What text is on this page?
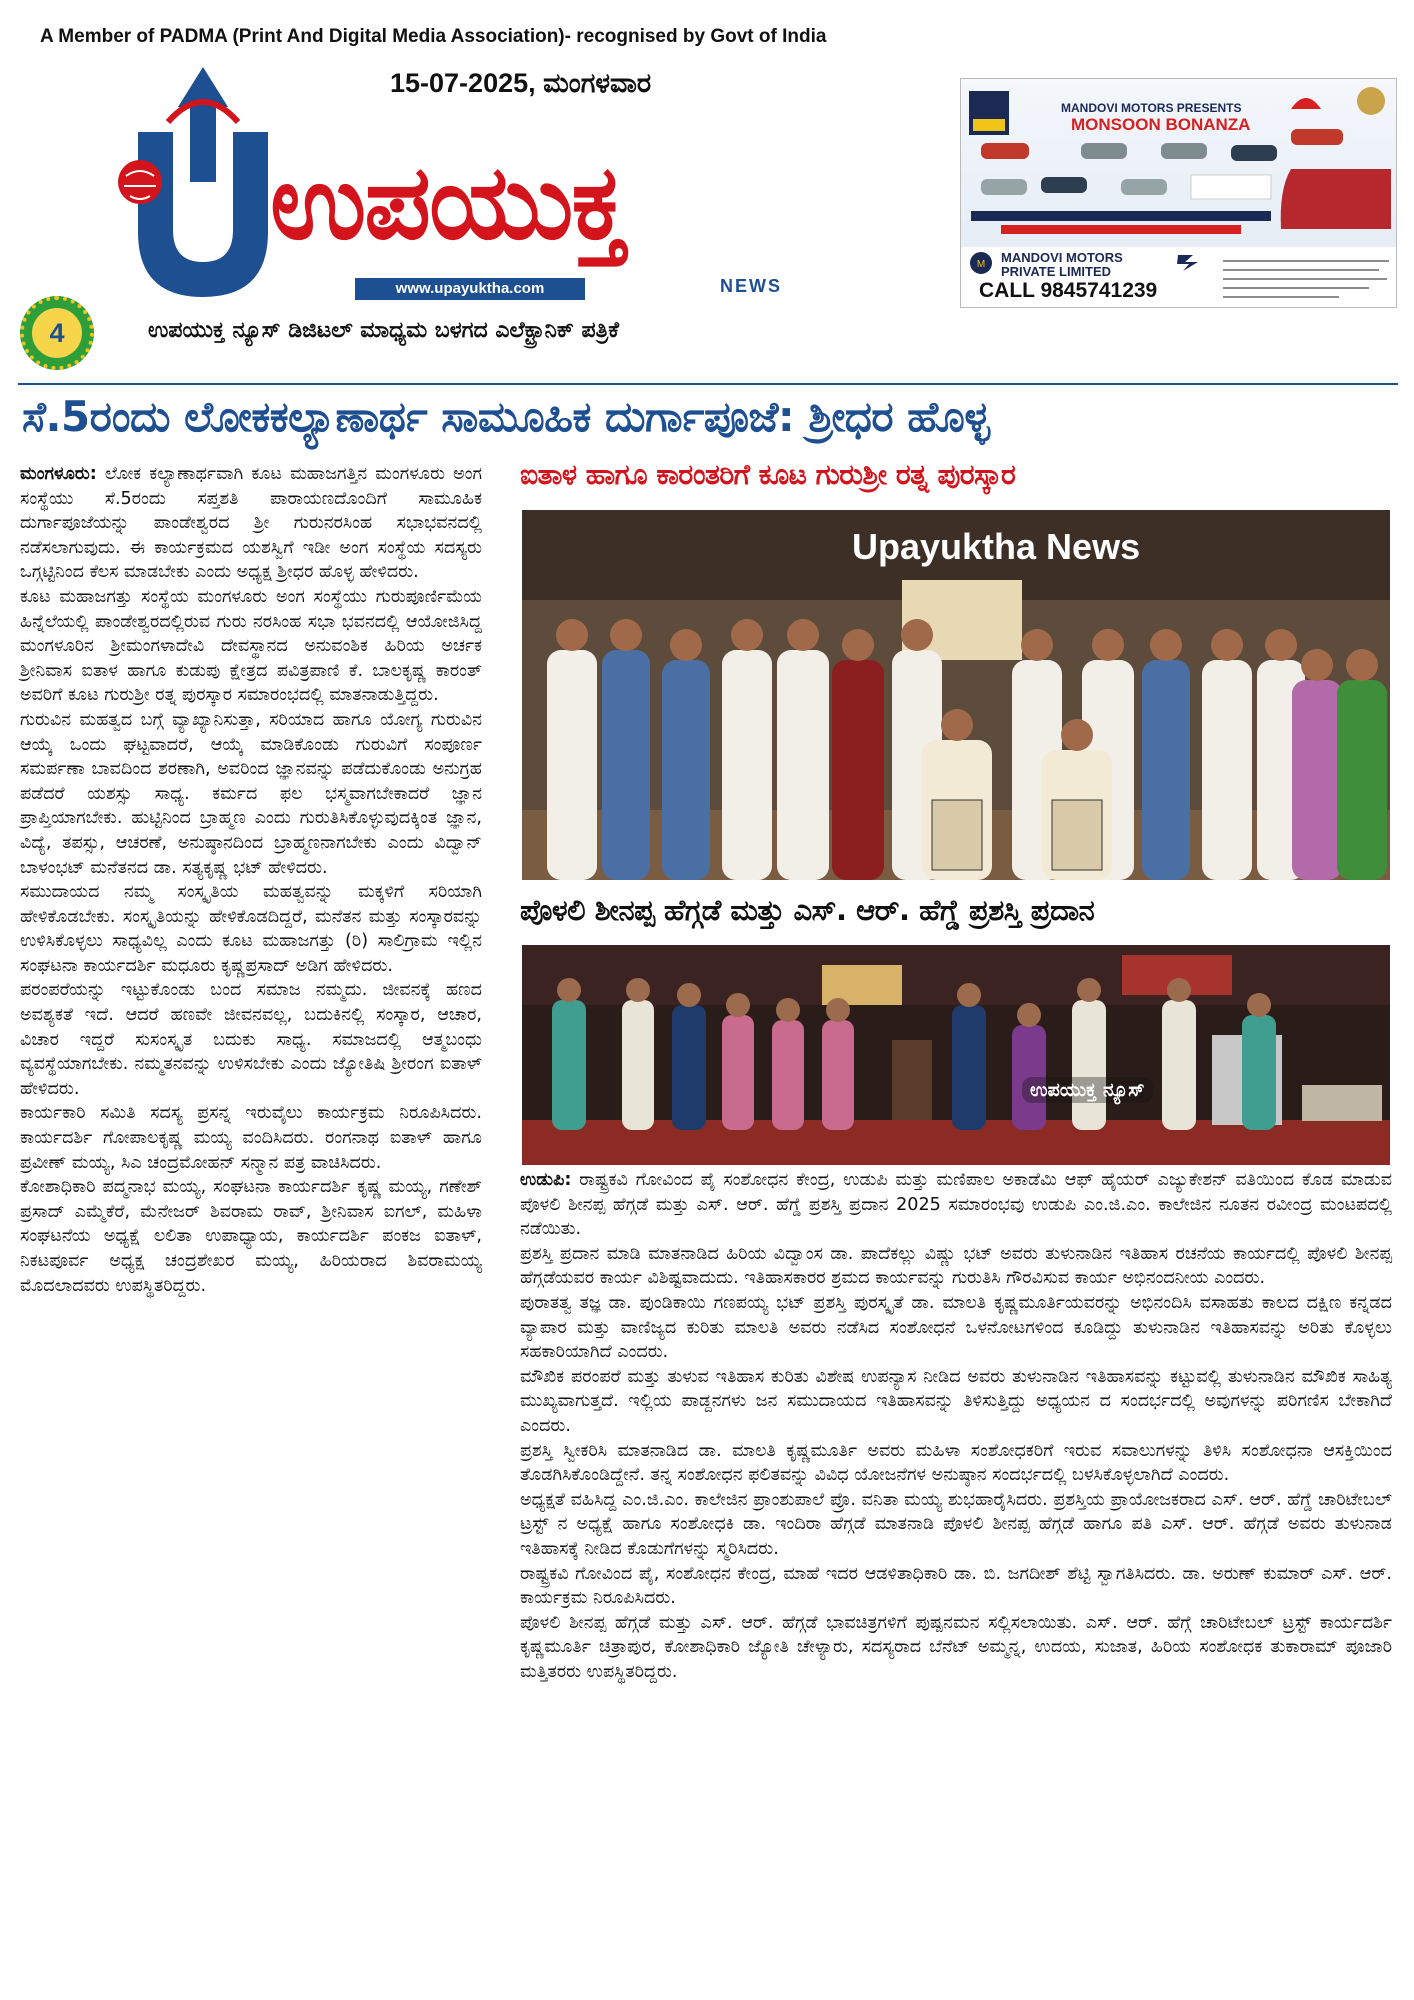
A Member of PADMA (Print And Digital Media Association)- recognised by Govt of India
15-07-2025, ಮಂಗಳವಾರ
ಉಪಯುಕ್ತ
www.upayuktha.com	NEWS
4	ಉಪಯುಕ್ತ ನ್ಯೂಸ್ ಡಿಜಿಟಲ್ ಮಾಧ್ಯಮ ಬಳಗದ ಎಲೆಕ್ಟ್ರಾನಿಕ್ ಪತ್ರಿಕೆ
MANDOVI MOTORS PRESENTS
MONSOON BONANZA
M MANDOVI MOTORS PRIVATE LIMITED
CALL 9845741239
ಸೆ.5ರಂದು ಲೋಕಕಲ್ಯಾಣಾರ್ಥ ಸಾಮೂಹಿಕ ದುರ್ಗಾಪೂಜೆ: ಶ್ರೀಧರ ಹೊಳ್ಳ
ಐತಾಳ ಹಾಗೂ ಕಾರಂತರಿಗೆ ಕೂಟ ಗುರುಶ್ರೀ ರತ್ನ ಪುರಸ್ಕಾರ
Upayuktha News
ಪೊಳಲಿ ಶೀನಪ್ಪ ಹೆಗ್ಗಡೆ ಮತ್ತು ಎಸ್. ಆರ್. ಹೆಗ್ಡೆ ಪ್ರಶಸ್ತಿ ಪ್ರದಾನ
ಉಪಯುಕ್ತ ನ್ಯೂಸ್

ಮಂಗಳೂರು: ಲೋಕ ಕಲ್ಯಾಣಾರ್ಥವಾಗಿ ಕೂಟ ಮಹಾಜಗತ್ತಿನ ಮಂಗಳೂರು ಅಂಗ ಸಂಸ್ಥೆಯು ಸೆ.5ರಂದು ಸಪ್ತಶತಿ ಪಾರಾಯಣದೊಂದಿಗೆ ಸಾಮೂಹಿಕ ದುರ್ಗಾಪೂಜೆಯನ್ನು ಪಾಂಡೇಶ್ವರದ ಶ್ರೀ ಗುರುನರಸಿಂಹ ಸಭಾಭವನದಲ್ಲಿ ನಡೆಸಲಾಗುವುದು. ಈ ಕಾರ್ಯಕ್ರಮದ ಯಶಸ್ವಿಗೆ ಇಡೀ ಅಂಗ ಸಂಸ್ಥೆಯ ಸದಸ್ಯರು ಒಗ್ಗಟ್ಟಿನಿಂದ ಕೆಲಸ ಮಾಡಬೇಕು ಎಂದು ಅಧ್ಯಕ್ಷ ಶ್ರೀಧರ ಹೊಳ್ಳ ಹೇಳಿದರು.

ಕೂಟ ಮಹಾಜಗತ್ತು ಸಂಸ್ಥೆಯ ಮಂಗಳೂರು ಅಂಗ ಸಂಸ್ಥೆಯು ಗುರುಪೂರ್ಣಿಮೆಯ ಹಿನ್ನೆಲೆಯಲ್ಲಿ ಪಾಂಡೇಶ್ವರದಲ್ಲಿರುವ ಗುರು ನರಸಿಂಹ ಸಭಾ ಭವನದಲ್ಲಿ ಆಯೋಜಿಸಿದ್ದ ಮಂಗಳೂರಿನ ಶ್ರೀಮಂಗಳಾದೇವಿ ದೇವಸ್ಥಾನದ ಅನುವಂಶಿಕ ಹಿರಿಯ ಅರ್ಚಕ ಶ್ರೀನಿವಾಸ ಐತಾಳ ಹಾಗೂ ಕುಡುಪು ಕ್ಷೇತ್ರದ ಪವಿತ್ರಪಾಣಿ ಕೆ. ಬಾಲಕೃಷ್ಣ ಕಾರಂತ್ ಅವರಿಗೆ ಕೂಟ ಗುರುಶ್ರೀ ರತ್ನ ಪುರಸ್ಕಾರ ಸಮಾರಂಭದಲ್ಲಿ ಮಾತನಾಡುತ್ತಿದ್ದರು.

ಗುರುವಿನ ಮಹತ್ವದ ಬಗ್ಗೆ ವ್ಯಾಖ್ಯಾನಿಸುತ್ತಾ, ಸರಿಯಾದ ಹಾಗೂ ಯೋಗ್ಯ ಗುರುವಿನ ಆಯ್ಕೆ ಒಂದು ಘಟ್ಟವಾದರೆ, ಆಯ್ಕೆ ಮಾಡಿಕೊಂಡು ಗುರುವಿಗೆ ಸಂಪೂರ್ಣ ಸಮರ್ಪಣಾ ಬಾವದಿಂದ ಶರಣಾಗಿ, ಅವರಿಂದ ಜ್ಞಾನವನ್ನು ಪಡೆದುಕೊಂಡು ಅನುಗ್ರಹ ಪಡೆದರೆ ಯಶಸ್ಸು ಸಾಧ್ಯ. ಕರ್ಮದ ಫಲ ಭಸ್ಮವಾಗಬೇಕಾದರೆ ಜ್ಞಾನ ಪ್ರಾಪ್ತಿಯಾಗಬೇಕು. ಹುಟ್ಟಿನಿಂದ ಬ್ರಾಹ್ಮಣ ಎಂದು ಗುರುತಿಸಿಕೊಳ್ಳುವುದಕ್ಕಿಂತ ಜ್ಞಾನ, ವಿದ್ಯೆ, ತಪಸ್ಸು, ಆಚರಣೆ, ಅನುಷ್ಠಾನದಿಂದ ಬ್ರಾಹ್ಮಣನಾಗಬೇಕು ಎಂದು ವಿದ್ವಾನ್ ಬಾಳಂಭಟ್ ಮನೆತನದ ಡಾ. ಸತ್ಯಕೃಷ್ಣ ಭಟ್ ಹೇಳಿದರು.

ಸಮುದಾಯದ ನಮ್ಮ ಸಂಸ್ಕೃತಿಯ ಮಹತ್ವವನ್ನು ಮಕ್ಕಳಿಗೆ ಸರಿಯಾಗಿ ಹೇಳಿಕೊಡಬೇಕು. ಸಂಸ್ಕೃತಿಯನ್ನು ಹೇಳಿಕೊಡದಿದ್ದರೆ, ಮನೆತನ ಮತ್ತು ಸಂಸ್ಕಾರವನ್ನು ಉಳಿಸಿಕೊಳ್ಳಲು ಸಾಧ್ಯವಿಲ್ಲ ಎಂದು ಕೂಟ ಮಹಾಜಗತ್ತು (ರಿ) ಸಾಲಿಗ್ರಾಮ ಇಲ್ಲಿನ ಸಂಘಟನಾ ಕಾರ್ಯದರ್ಶಿ ಮಧೂರು ಕೃಷ್ಣಪ್ರಸಾದ್ ಅಡಿಗ ಹೇಳಿದರು.

ಪರಂಪರೆಯನ್ನು ಇಟ್ಟುಕೊಂಡು ಬಂದ ಸಮಾಜ ನಮ್ಮದು. ಜೀವನಕ್ಕೆ ಹಣದ ಅವಶ್ಯಕತೆ ಇದೆ. ಆದರೆ ಹಣವೇ ಜೀವನವಲ್ಲ, ಬದುಕಿನಲ್ಲಿ ಸಂಸ್ಕಾರ, ಆಚಾರ, ವಿಚಾರ ಇದ್ದರೆ ಸುಸಂಸ್ಕೃತ ಬದುಕು ಸಾಧ್ಯ. ಸಮಾಜದಲ್ಲಿ ಆತ್ಮಬಂಧು ವ್ಯವಸ್ಥೆಯಾಗಬೇಕು. ನಮ್ಮತನವನ್ನು ಉಳಿಸಬೇಕು ಎಂದು ಜ್ಯೋತಿಷಿ ಶ್ರೀರಂಗ ಐತಾಳ್ ಹೇಳಿದರು.

ಕಾರ್ಯಕಾರಿ ಸಮಿತಿ ಸದಸ್ಯ ಪ್ರಸನ್ನ ಇರುವೈಲು ಕಾರ್ಯಕ್ರಮ ನಿರೂಪಿಸಿದರು. ಕಾರ್ಯದರ್ಶಿ ಗೋಪಾಲಕೃಷ್ಣ ಮಯ್ಯ ವಂದಿಸಿದರು. ರಂಗನಾಥ ಐತಾಳ್ ಹಾಗೂ ಪ್ರವೀಣ್ ಮಯ್ಯ, ಸಿಎ ಚಂದ್ರಮೋಹನ್ ಸನ್ಮಾನ ಪತ್ರ ವಾಚಿಸಿದರು.

ಕೋಶಾಧಿಕಾರಿ ಪದ್ಮನಾಭ ಮಯ್ಯ, ಸಂಘಟನಾ ಕಾರ್ಯದರ್ಶಿ ಕೃಷ್ಣ ಮಯ್ಯ, ಗಣೇಶ್ ಪ್ರಸಾದ್ ಎಮ್ಮೆಕೆರೆ, ಮೆನೇಜರ್ ಶಿವರಾಮ ರಾವ್, ಶ್ರೀನಿವಾಸ ಐಗಲ್, ಮಹಿಳಾ ಸಂಘಟನೆಯ ಅಧ್ಯಕ್ಷೆ ಲಲಿತಾ ಉಪಾಧ್ಯಾಯ, ಕಾರ್ಯದರ್ಶಿ ಪಂಕಜ ಐತಾಳ್, ನಿಕಟಪೂರ್ವ ಅಧ್ಯಕ್ಷ ಚಂದ್ರಶೇಖರ ಮಯ್ಯ, ಹಿರಿಯರಾದ ಶಿವರಾಮಯ್ಯ ಮೊದಲಾದವರು ಉಪಸ್ಥಿತರಿದ್ದರು.

ಉಡುಪಿ: ರಾಷ್ಟ್ರಕವಿ ಗೋವಿಂದ ಪೈ ಸಂಶೋಧನ ಕೇಂದ್ರ, ಉಡುಪಿ ಮತ್ತು ಮಣಿಪಾಲ ಅಕಾಡೆಮಿ ಆಫ್ ಹೈಯರ್ ಎಜ್ಯುಕೇಶನ್ ವತಿಯಿಂದ ಕೊಡ ಮಾಡುವ ಪೊಳಲಿ ಶೀನಪ್ಪ ಹೆಗ್ಗಡೆ ಮತ್ತು ಎಸ್. ಆರ್. ಹೆಗ್ಡೆ ಪ್ರಶಸ್ತಿ ಪ್ರದಾನ 2025 ಸಮಾರಂಭವು ಉಡುಪಿ ಎಂ.ಜಿ.ಎಂ. ಕಾಲೇಜಿನ ನೂತನ ರವೀಂದ್ರ ಮಂಟಪದಲ್ಲಿ ನಡೆಯಿತು.

ಪ್ರಶಸ್ತಿ ಪ್ರದಾನ ಮಾಡಿ ಮಾತನಾಡಿದ ಹಿರಿಯ ವಿದ್ವಾಂಸ ಡಾ. ಪಾದೆಕಲ್ಲು ವಿಷ್ಣು ಭಟ್ ಅವರು ತುಳುನಾಡಿನ ಇತಿಹಾಸ ರಚನೆಯ ಕಾರ್ಯದಲ್ಲಿ ಪೊಳಲಿ ಶೀನಪ್ಪ ಹೆಗ್ಗಡೆಯವರ ಕಾರ್ಯ ವಿಶಿಷ್ಟವಾದುದು. ಇತಿಹಾಸಕಾರರ ಶ್ರಮದ ಕಾರ್ಯವನ್ನು ಗುರುತಿಸಿ ಗೌರವಿಸುವ ಕಾರ್ಯ ಅಭಿನಂದನೀಯ ಎಂದರು.

ಪುರಾತತ್ವ ತಜ್ಞ ಡಾ. ಪುಂಡಿಕಾಯಿ ಗಣಪಯ್ಯ ಭಟ್ ಪ್ರಶಸ್ತಿ ಪುರಸ್ಕೃತೆ ಡಾ. ಮಾಲತಿ ಕೃಷ್ಣಮೂರ್ತಿಯವರನ್ನು ಅಭಿನಂದಿಸಿ ವಸಾಹತು ಕಾಲದ ದಕ್ಷಿಣ ಕನ್ನಡದ ವ್ಯಾಪಾರ ಮತ್ತು ವಾಣಿಜ್ಯದ ಕುರಿತು ಮಾಲತಿ ಅವರು ನಡೆಸಿದ ಸಂಶೋಧನೆ ಒಳನೋಟಗಳಿಂದ ಕೂಡಿದ್ದು ತುಳುನಾಡಿನ ಇತಿಹಾಸವನ್ನು ಅರಿತು ಕೊಳ್ಳಲು ಸಹಕಾರಿಯಾಗಿದೆ ಎಂದರು.

ಮೌಖಿಕ ಪರಂಪರೆ ಮತ್ತು ತುಳುವ ಇತಿಹಾಸ ಕುರಿತು ವಿಶೇಷ ಉಪನ್ಯಾಸ ನೀಡಿದ ಅವರು ತುಳುನಾಡಿನ ಇತಿಹಾಸವನ್ನು ಕಟ್ಟುವಲ್ಲಿ ತುಳುನಾಡಿನ ಮೌಖಿಕ ಸಾಹಿತ್ಯ ಮುಖ್ಯವಾಗುತ್ತದೆ. ಇಲ್ಲಿಯ ಪಾಡ್ದನಗಳು ಜನ ಸಮುದಾಯದ ಇತಿಹಾಸವನ್ನು ತಿಳಿಸುತ್ತಿದ್ದು ಅಧ್ಯಯನ ದ ಸಂದರ್ಭದಲ್ಲಿ ಅವುಗಳನ್ನು ಪರಿಗಣಿಸ ಬೇಕಾಗಿದೆ ಎಂದರು.

ಪ್ರಶಸ್ತಿ ಸ್ವೀಕರಿಸಿ ಮಾತನಾಡಿದ ಡಾ. ಮಾಲತಿ ಕೃಷ್ಣಮೂರ್ತಿ ಅವರು ಮಹಿಳಾ ಸಂಶೋಧಕರಿಗೆ ಇರುವ ಸವಾಲುಗಳನ್ನು ತಿಳಿಸಿ ಸಂಶೋಧನಾ ಆಸಕ್ತಿಯಿಂದ ತೊಡಗಿಸಿಕೊಂಡಿದ್ದೇನೆ. ತನ್ನ ಸಂಶೋಧನ ಫಲಿತವನ್ನು ವಿವಿಧ ಯೋಜನೆಗಳ ಅನುಷ್ಠಾನ ಸಂದರ್ಭದಲ್ಲಿ ಬಳಸಿಕೊಳ್ಳಲಾಗಿದೆ ಎಂದರು.

ಅಧ್ಯಕ್ಷತೆ ವಹಿಸಿದ್ದ ಎಂ.ಜಿ.ಎಂ. ಕಾಲೇಜಿನ ಪ್ರಾಂಶುಪಾಲೆ ಪ್ರೊ. ವನಿತಾ ಮಯ್ಯ ಶುಭಹಾರೈಸಿದರು. ಪ್ರಶಸ್ತಿಯ ಪ್ರಾಯೋಜಕರಾದ ಎಸ್. ಆರ್. ಹೆಗ್ಡೆ ಚಾರಿಟೇಬಲ್ ಟ್ರಸ್ಟ್ ನ ಅಧ್ಯಕ್ಷೆ ಹಾಗೂ ಸಂಶೋಧಕಿ ಡಾ. ಇಂದಿರಾ ಹೆಗ್ಗಡೆ ಮಾತನಾಡಿ ಪೊಳಲಿ ಶೀನಪ್ಪ ಹೆಗ್ಗಡೆ ಹಾಗೂ ಪತಿ ಎಸ್. ಆರ್. ಹೆಗ್ಗಡೆ ಅವರು ತುಳುನಾಡ ಇತಿಹಾಸಕ್ಕೆ ನೀಡಿದ ಕೊಡುಗೆಗಳನ್ನು ಸ್ಮರಿಸಿದರು.

ರಾಷ್ಟ್ರಕವಿ ಗೋವಿಂದ ಪೈ, ಸಂಶೋಧನ ಕೇಂದ್ರ, ಮಾಹೆ ಇದರ ಆಡಳಿತಾಧಿಕಾರಿ ಡಾ. ಬಿ. ಜಗದೀಶ್ ಶೆಟ್ಟಿ ಸ್ವಾಗತಿಸಿದರು. ಡಾ. ಅರುಣ್ ಕುಮಾರ್ ಎಸ್. ಆರ್. ಕಾರ್ಯಕ್ರಮ ನಿರೂಪಿಸಿದರು.

ಪೊಳಲಿ ಶೀನಪ್ಪ ಹೆಗ್ಗಡೆ ಮತ್ತು ಎಸ್. ಆರ್. ಹೆಗ್ಗಡೆ ಭಾವಚಿತ್ರಗಳಿಗೆ ಪುಷ್ಪನಮನ ಸಲ್ಲಿಸಲಾಯಿತು. ಎಸ್. ಆರ್. ಹೆಗ್ಗೆ ಚಾರಿಟೇಬಲ್ ಟ್ರಸ್ಟ್ ಕಾರ್ಯದರ್ಶಿ ಕೃಷ್ಣಮೂರ್ತಿ ಚಿತ್ರಾಪುರ, ಕೋಶಾಧಿಕಾರಿ ಜ್ಯೋತಿ ಚೇಳ್ಯಾರು, ಸದಸ್ಯರಾದ ಬೆನೆಟ್ ಅಮ್ಮನ್ನ, ಉದಯ, ಸುಜಾತ, ಹಿರಿಯ ಸಂಶೋಧಕ ತುಕಾರಾಮ್ ಪೂಜಾರಿ ಮತ್ತಿತರರು ಉಪಸ್ಥಿತರಿದ್ದರು.
